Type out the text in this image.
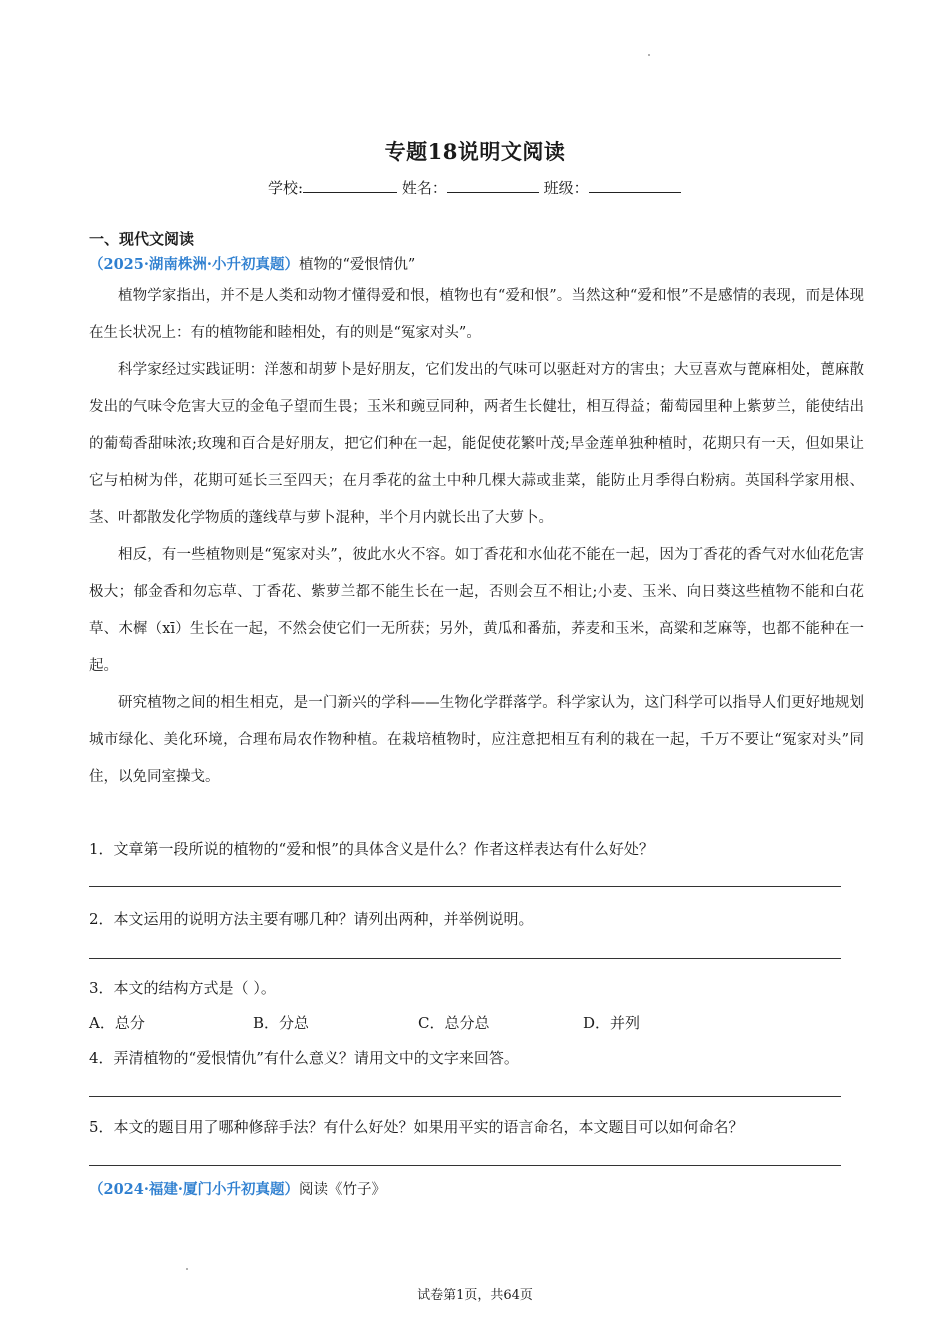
专题18说明文阅读
学校:	姓名：	班级：
一、现代文阅读
（2025·湖南株洲·小升初真题）植物的“爱恨情仇”

植物学家指出，并不是人类和动物才懂得爱和恨，植物也有“爱和恨”。当然这种“爱和恨”不是感情的表现，而是体现在生长状况上：有的植物能和睦相处，有的则是“冤家对头”。

科学家经过实践证明：洋葱和胡萝卜是好朋友，它们发出的气味可以驱赶对方的害虫；大豆喜欢与蓖麻相处，蓖麻散发出的气味令危害大豆的金龟子望而生畏；玉米和豌豆同种，两者生长健壮，相互得益；葡萄园里种上紫萝兰，能使结出的葡萄香甜味浓;玫瑰和百合是好朋友，把它们种在一起，能促使花繁叶茂;旱金莲单独种植时，花期只有一天，但如果让它与柏树为伴，花期可延长三至四天；在月季花的盆土中种几棵大蒜或韭菜，能防止月季得白粉病。英国科学家用根、茎、叶都散发化学物质的蓬线草与萝卜混种，半个月内就长出了大萝卜。

相反，有一些植物则是“冤家对头”，彼此水火不容。如丁香花和水仙花不能在一起，因为丁香花的香气对水仙花危害极大；郁金香和勿忘草、丁香花、紫萝兰都不能生长在一起，否则会互不相让;小麦、玉米、向日葵这些植物不能和白花草、木樨（xī）生长在一起，不然会使它们一无所获；另外，黄瓜和番茄，荞麦和玉米，高粱和芝麻等，也都不能种在一起。

研究植物之间的相生相克，是一门新兴的学科——生物化学群落学。科学家认为，这门科学可以指导人们更好地规划城市绿化、美化环境，合理布局农作物种植。在栽培植物时，应注意把相互有利的栽在一起，千万不要让“冤家对头”同住，以免同室操戈。

1．文章第一段所说的植物的“爱和恨”的具体含义是什么？作者这样表达有什么好处？
2．本文运用的说明方法主要有哪几种？请列出两种，并举例说明。
3．本文的结构方式是（ ）。
A．总分	B．分总	C．总分总	D．并列
4．弄清植物的“爱恨情仇”有什么意义？请用文中的文字来回答。
5．本文的题目用了哪种修辞手法？有什么好处？如果用平实的语言命名，本文题目可以如何命名？
（2024·福建·厦门小升初真题）阅读《竹子》
试卷第1页，共64页
